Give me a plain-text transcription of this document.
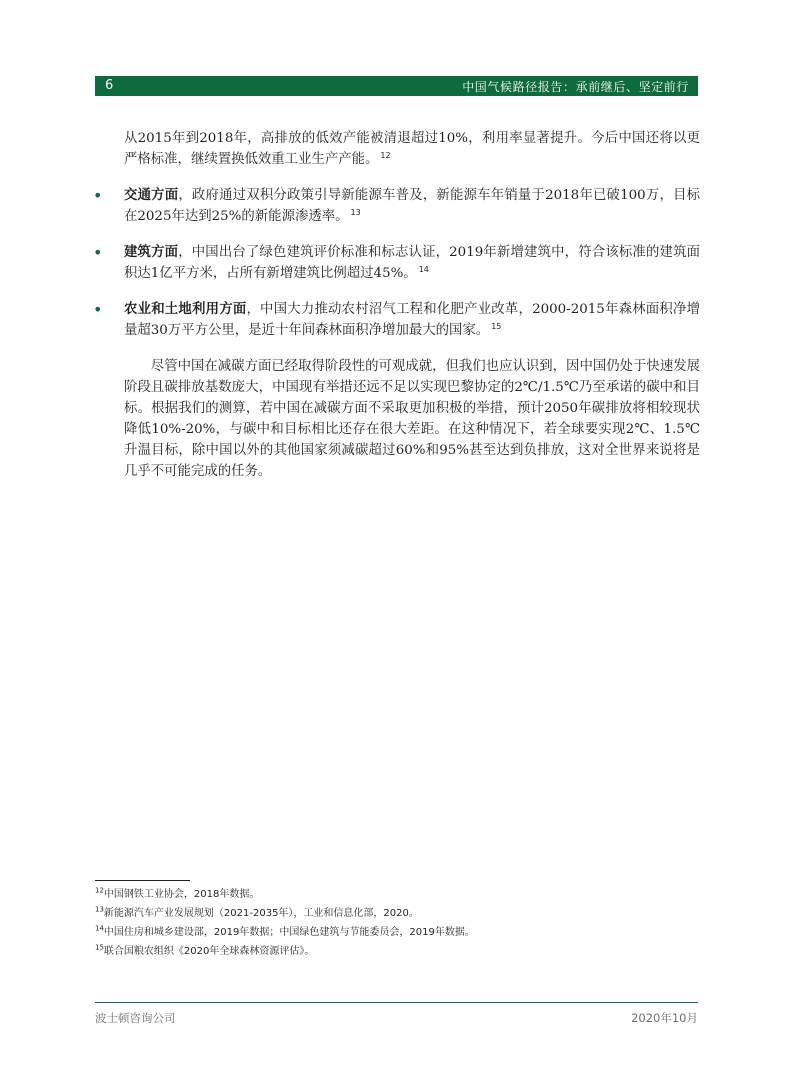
6	中国气候路径报告：承前继后、坚定前行

从2015年到2018年，高排放的低效产能被清退超过10%，利用率显著提升。今后中国还将以更严格标准，继续置换低效重工业生产产能。 $^{12}$

• 交通方面，政府通过双积分政策引导新能源车普及，新能源车年销量于2018年已破100万，目标在2025年达到25%的新能源渗透率。 $^{13}$
• 建筑方面，中国出台了绿色建筑评价标准和标志认证，2019年新增建筑中，符合该标准的建筑面积达1亿平方米，占所有新增建筑比例超过45%。 $^{14}$
• 农业和土地利用方面，中国大力推动农村沼气工程和化肥产业改革，2000-2015年森林面积净增量超30万平方公里，是近十年间森林面积净增加最大的国家。 $^{15}$

尽管中国在减碳方面已经取得阶段性的可观成就，但我们也应认识到，因中国仍处于快速发展阶段且碳排放基数庞大，中国现有举措还远不足以实现巴黎协定的2℃/1.5℃乃至承诺的碳中和目标。根据我们的测算，若中国在减碳方面不采取更加积极的举措，预计2050年碳排放将相较现状降低10%-20%，与碳中和目标相比还存在很大差距。在这种情况下，若全球要实现2℃、1.5℃升温目标，除中国以外的其他国家须减碳超过60%和95%甚至达到负排放，这对全世界来说将是几乎不可能完成的任务。

$^{12}$中国钢铁工业协会，2018年数据。
$^{13}$新能源汽车产业发展规划（2021-2035年），工业和信息化部，2020。
$^{14}$中国住房和城乡建设部，2019年数据；中国绿色建筑与节能委员会，2019年数据。
$^{15}$联合国粮农组织《2020年全球森林资源评估》。
波士顿咨询公司	2020年10月
